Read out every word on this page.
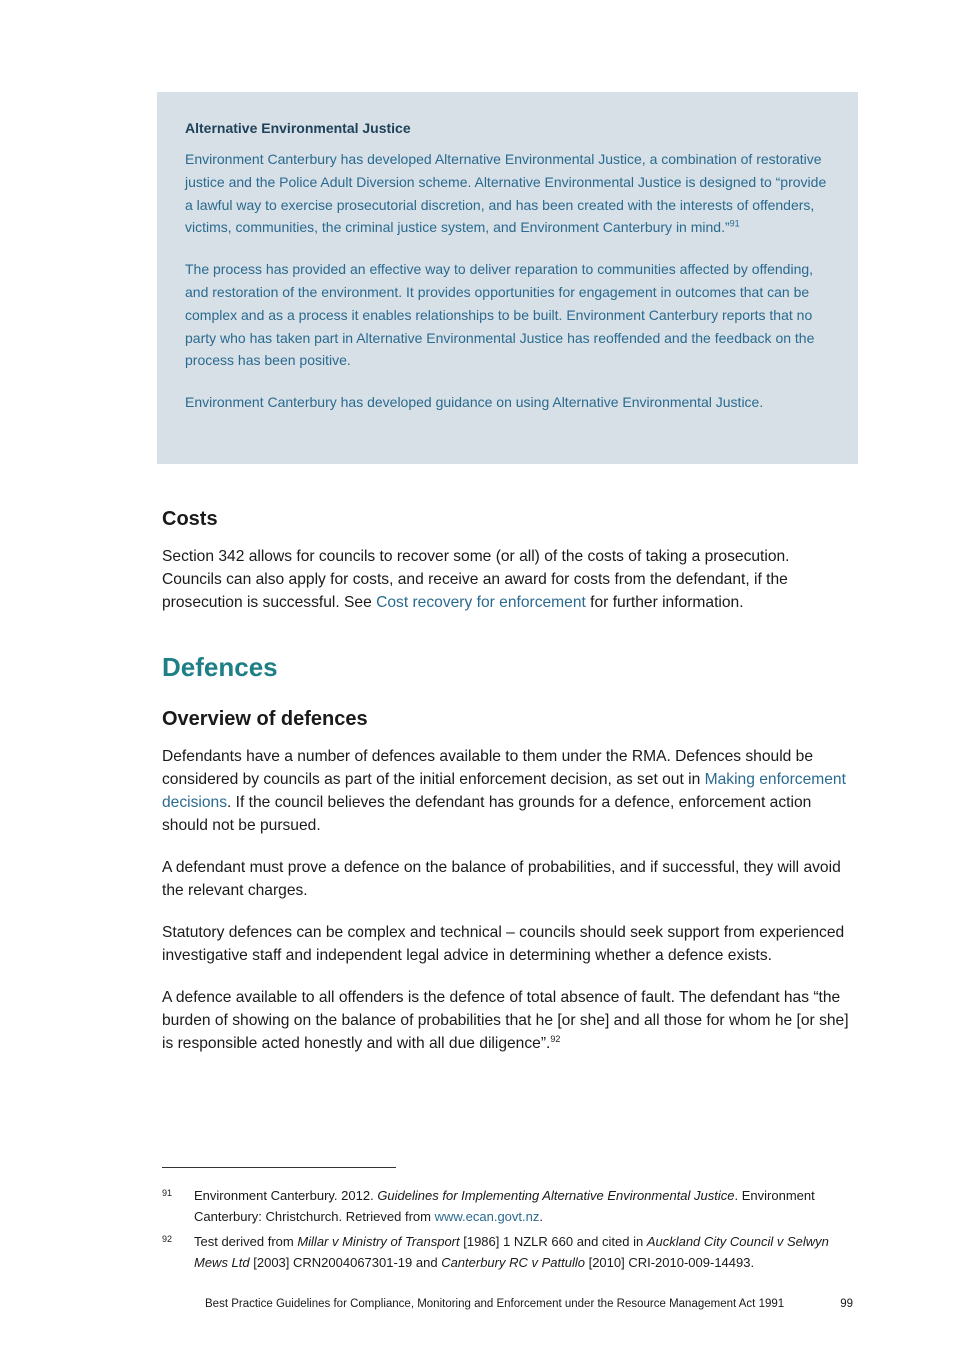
Alternative Environmental Justice

Environment Canterbury has developed Alternative Environmental Justice, a combination of restorative justice and the Police Adult Diversion scheme. Alternative Environmental Justice is designed to “provide a lawful way to exercise prosecutorial discretion, and has been created with the interests of offenders, victims, communities, the criminal justice system, and Environment Canterbury in mind.”$^{91}$

The process has provided an effective way to deliver reparation to communities affected by offending, and restoration of the environment. It provides opportunities for engagement in outcomes that can be complex and as a process it enables relationships to be built. Environment Canterbury reports that no party who has taken part in Alternative Environmental Justice has reoffended and the feedback on the process has been positive.

Environment Canterbury has developed guidance on using Alternative Environmental Justice.

Costs

Section 342 allows for councils to recover some (or all) of the costs of taking a prosecution. Councils can also apply for costs, and receive an award for costs from the defendant, if the prosecution is successful. See Cost recovery for enforcement for further information.

Defences
Overview of defences

Defendants have a number of defences available to them under the RMA. Defences should be considered by councils as part of the initial enforcement decision, as set out in Making enforcement decisions. If the council believes the defendant has grounds for a defence, enforcement action should not be pursued.

A defendant must prove a defence on the balance of probabilities, and if successful, they will avoid the relevant charges.

Statutory defences can be complex and technical – councils should seek support from experienced investigative staff and independent legal advice in determining whether a defence exists.

A defence available to all offenders is the defence of total absence of fault. The defendant has “the burden of showing on the balance of probabilities that he [or she] and all those for whom he [or she] is responsible acted honestly and with all due diligence”.$^{92}$

91 Environment Canterbury. 2012. Guidelines for Implementing Alternative Environmental Justice. Environment Canterbury: Christchurch. Retrieved from www.ecan.govt.nz.
92 Test derived from Millar v Ministry of Transport [1986] 1 NZLR 660 and cited in Auckland City Council v Selwyn Mews Ltd [2003] CRN2004067301-19 and Canterbury RC v Pattullo [2010] CRI-2010-009-14493.
Best Practice Guidelines for Compliance, Monitoring and Enforcement under the Resource Management Act 1991	99
